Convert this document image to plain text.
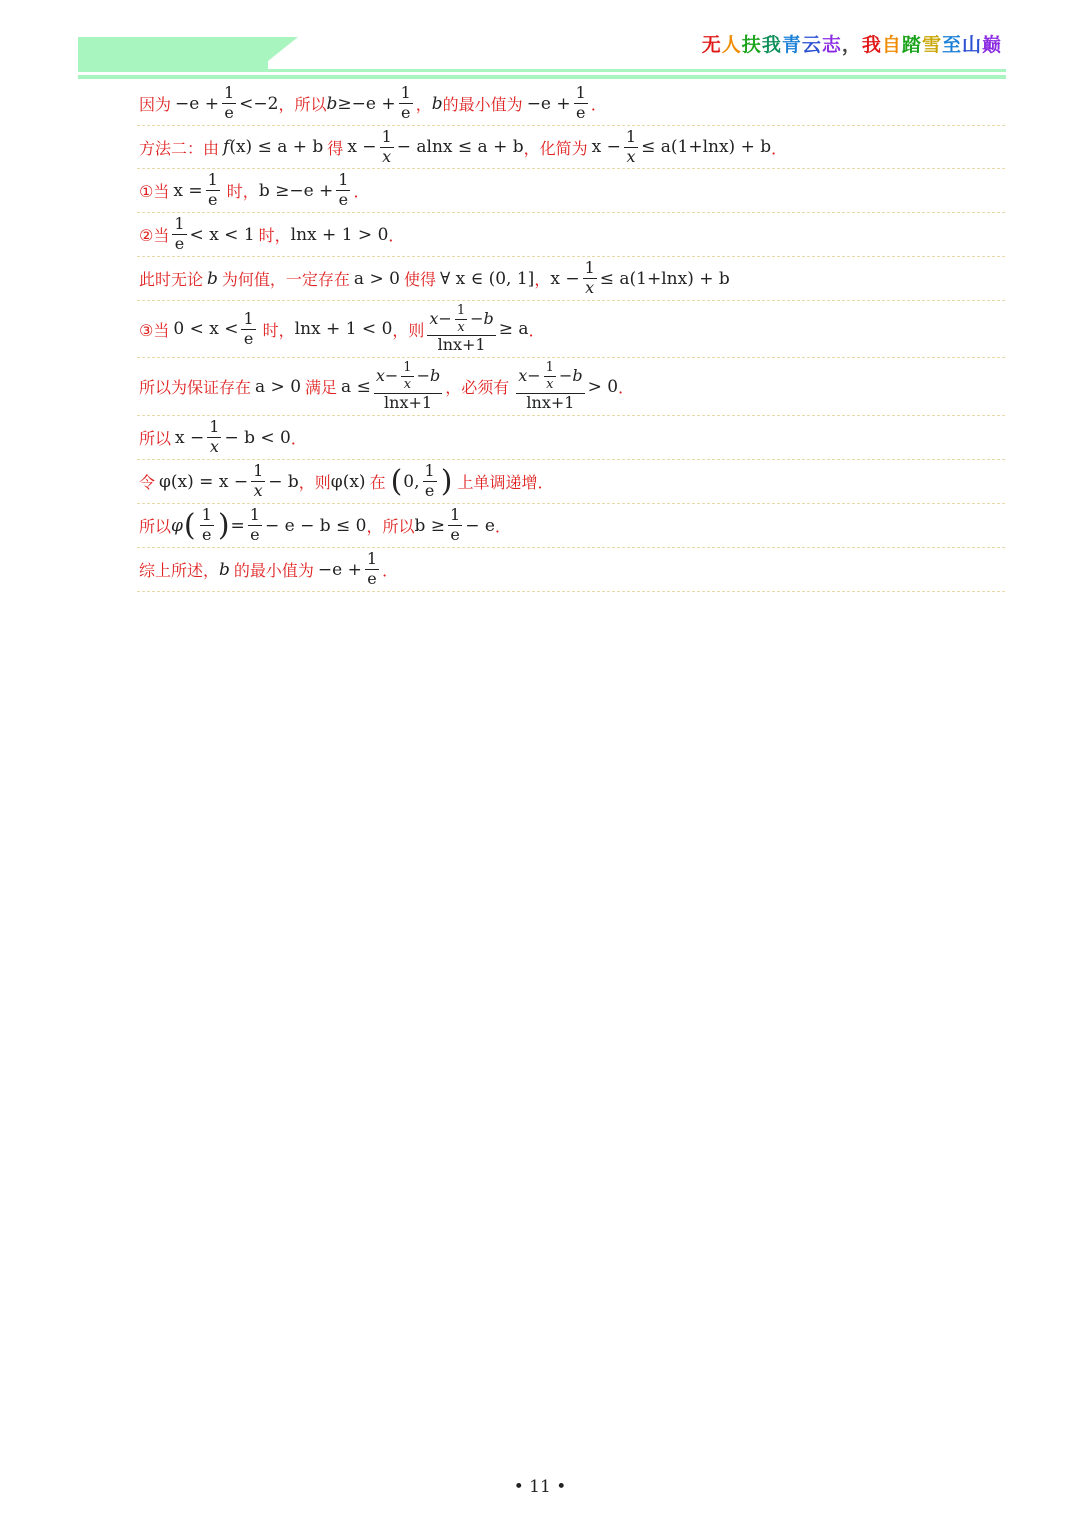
无人扶我青云志，我自踏雪至山巅
因为 $-e + \frac{1}{e} <-2$ ，所以 $b \ge-e + \frac{1}{e}$ ， b 的最小值为 $-e + \frac{1}{e}$ ．
方法二：由 f (x) ≤ a + b 得 $x - \frac{1}{x} - alnx \le a + b$ ，化简为 $x - \frac{1}{x} \le a(1+\ln x) + b$ ．
①当 $x = \frac{1}{e}$ 时， $b \ge-e + \frac{1}{e}$ ．
②当 $\frac{1}{e} < x < 1$ 时， lnx + 1 > 0 ．
此时无论 b 为何值，一定存在 a > 0 使得 ∀ x ∈ (0, 1] ， $x - \frac{1}{x} \le a(1+\ln x) + b$
③当 $0 < x < \frac{1}{e}$ 时， lnx + 1 < 0 ，则 $\frac{x- \frac{1}{x} -b}{\ln x+1} \ge a$ ．
所以为保证存在 a > 0 满足 $a \le \frac{x- \frac{1}{x} -b}{\ln x+1}$ ，必须有 $\frac{x- \frac{1}{x} -b}{\ln x+1} > 0$ ．
所以 $x - \frac{1}{x} - b < 0$ ．
令 $\varphi(x) = x - \frac{1}{x} - b$ ，则 φ(x) 在 ( 0, $\frac{1}{e}$ ) 上单调递增．
所以 φ ( $\frac{1}{e}$ ) = $\frac{1}{e} - e - b \le 0$ ，所以 $b \ge \frac{1}{e} - e$ ．
综上所述， b 的最小值为 $-e + \frac{1}{e}$ ．
• 11 •
